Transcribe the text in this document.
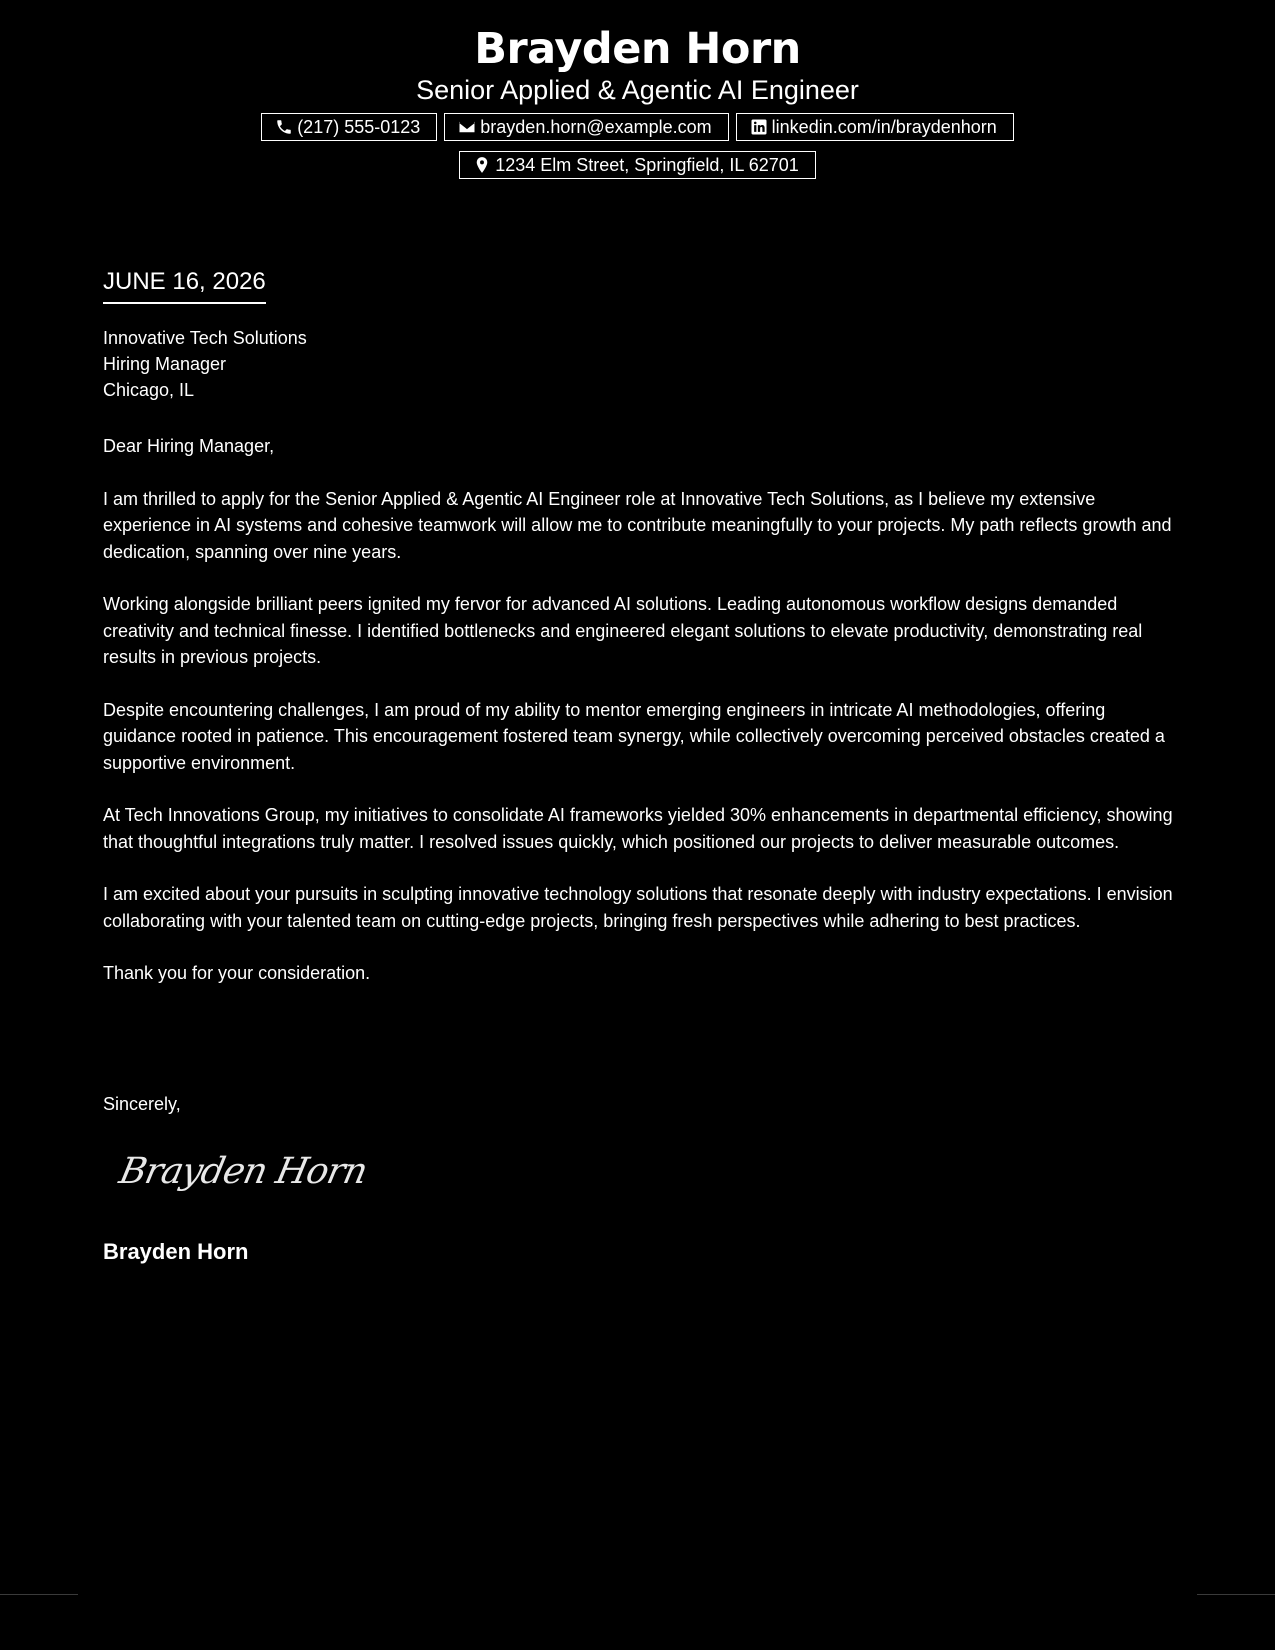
Brayden Horn
Senior Applied & Agentic AI Engineer
(217) 555-0123	brayden.horn@example.com	linkedin.com/in/braydenhorn
1234 Elm Street, Springfield, IL 62701
JUNE 16, 2026
Innovative Tech Solutions
Hiring Manager
Chicago, IL

Dear Hiring Manager,

I am thrilled to apply for the Senior Applied & Agentic AI Engineer role at Innovative Tech Solutions, as I believe my extensive experience in AI systems and cohesive teamwork will allow me to contribute meaningfully to your projects. My path reflects growth and dedication, spanning over nine years.

Working alongside brilliant peers ignited my fervor for advanced AI solutions. Leading autonomous workflow designs demanded creativity and technical finesse. I identified bottlenecks and engineered elegant solutions to elevate productivity, demonstrating real results in previous projects.

Despite encountering challenges, I am proud of my ability to mentor emerging engineers in intricate AI methodologies, offering guidance rooted in patience. This encouragement fostered team synergy, while collectively overcoming perceived obstacles created a supportive environment.

At Tech Innovations Group, my initiatives to consolidate AI frameworks yielded 30% enhancements in departmental efficiency, showing that thoughtful integrations truly matter. I resolved issues quickly, which positioned our projects to deliver measurable outcomes.

I am excited about your pursuits in sculpting innovative technology solutions that resonate deeply with industry expectations. I envision collaborating with your talented team on cutting-edge projects, bringing fresh perspectives while adhering to best practices.

Thank you for your consideration.

Sincerely,
Brayden Horn
Brayden Horn
